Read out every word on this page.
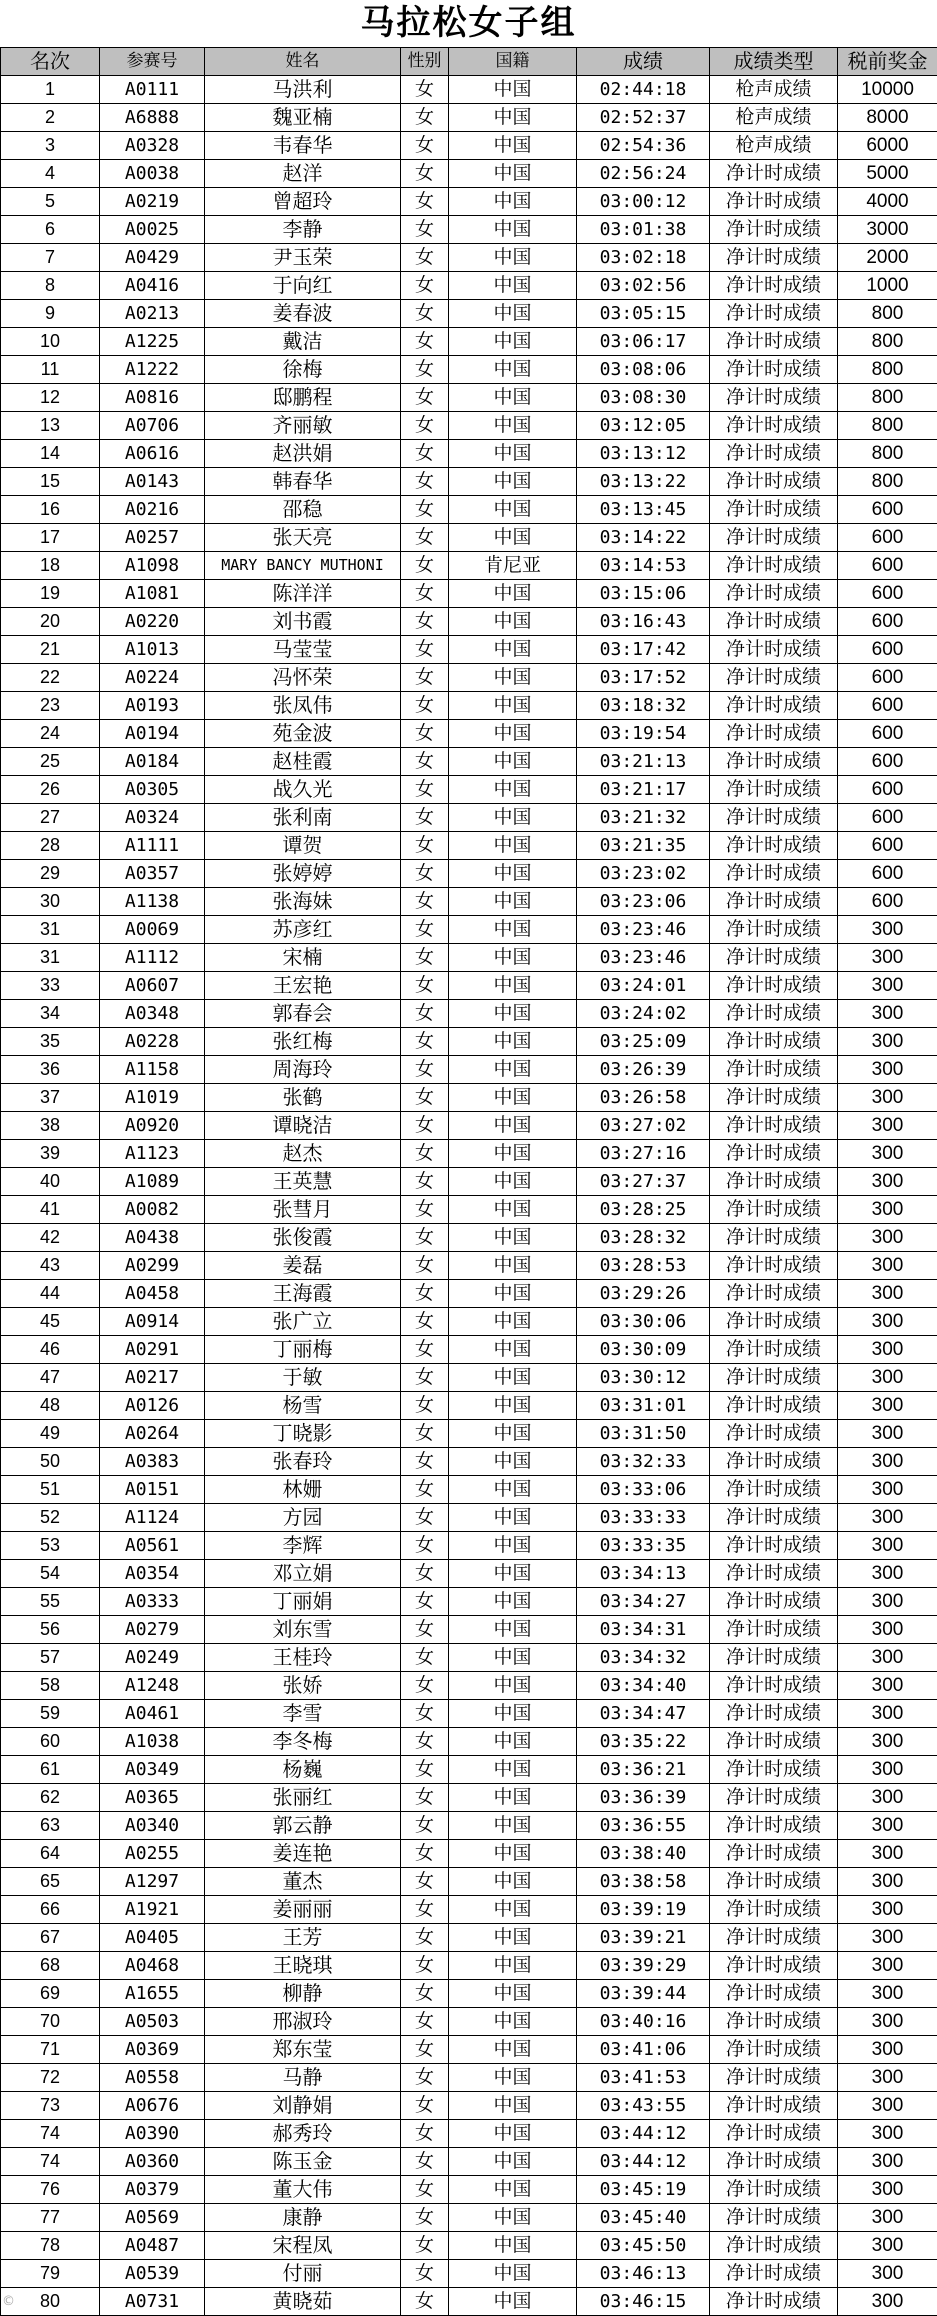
马拉松女子组
名次	参赛号	姓名	性别	国籍	成绩	成绩类型	税前奖金
1	A0111	马洪利	女	中国	02:44:18	枪声成绩	10000
2	A6888	魏亚楠	女	中国	02:52:37	枪声成绩	8000
3	A0328	韦春华	女	中国	02:54:36	枪声成绩	6000
4	A0038	赵洋	女	中国	02:56:24	净计时成绩	5000
5	A0219	曾超玲	女	中国	03:00:12	净计时成绩	4000
6	A0025	李静	女	中国	03:01:38	净计时成绩	3000
7	A0429	尹玉荣	女	中国	03:02:18	净计时成绩	2000
8	A0416	于向红	女	中国	03:02:56	净计时成绩	1000
9	A0213	姜春波	女	中国	03:05:15	净计时成绩	800
10	A1225	戴洁	女	中国	03:06:17	净计时成绩	800
11	A1222	徐梅	女	中国	03:08:06	净计时成绩	800
12	A0816	邸鹏程	女	中国	03:08:30	净计时成绩	800
13	A0706	齐丽敏	女	中国	03:12:05	净计时成绩	800
14	A0616	赵洪娟	女	中国	03:13:12	净计时成绩	800
15	A0143	韩春华	女	中国	03:13:22	净计时成绩	800
16	A0216	邵稳	女	中国	03:13:45	净计时成绩	600
17	A0257	张天亮	女	中国	03:14:22	净计时成绩	600
18	A1098	MARY BANCY MUTHONI	女	肯尼亚	03:14:53	净计时成绩	600
19	A1081	陈洋洋	女	中国	03:15:06	净计时成绩	600
20	A0220	刘书霞	女	中国	03:16:43	净计时成绩	600
21	A1013	马莹莹	女	中国	03:17:42	净计时成绩	600
22	A0224	冯怀荣	女	中国	03:17:52	净计时成绩	600
23	A0193	张凤伟	女	中国	03:18:32	净计时成绩	600
24	A0194	苑金波	女	中国	03:19:54	净计时成绩	600
25	A0184	赵桂霞	女	中国	03:21:13	净计时成绩	600
26	A0305	战久光	女	中国	03:21:17	净计时成绩	600
27	A0324	张利南	女	中国	03:21:32	净计时成绩	600
28	A1111	谭贺	女	中国	03:21:35	净计时成绩	600
29	A0357	张婷婷	女	中国	03:23:02	净计时成绩	600
30	A1138	张海妹	女	中国	03:23:06	净计时成绩	600
31	A0069	苏彦红	女	中国	03:23:46	净计时成绩	300
31	A1112	宋楠	女	中国	03:23:46	净计时成绩	300
33	A0607	王宏艳	女	中国	03:24:01	净计时成绩	300
34	A0348	郭春会	女	中国	03:24:02	净计时成绩	300
35	A0228	张红梅	女	中国	03:25:09	净计时成绩	300
36	A1158	周海玲	女	中国	03:26:39	净计时成绩	300
37	A1019	张鹤	女	中国	03:26:58	净计时成绩	300
38	A0920	谭晓洁	女	中国	03:27:02	净计时成绩	300
39	A1123	赵杰	女	中国	03:27:16	净计时成绩	300
40	A1089	王英慧	女	中国	03:27:37	净计时成绩	300
41	A0082	张彗月	女	中国	03:28:25	净计时成绩	300
42	A0438	张俊霞	女	中国	03:28:32	净计时成绩	300
43	A0299	姜磊	女	中国	03:28:53	净计时成绩	300
44	A0458	王海霞	女	中国	03:29:26	净计时成绩	300
45	A0914	张广立	女	中国	03:30:06	净计时成绩	300
46	A0291	丁丽梅	女	中国	03:30:09	净计时成绩	300
47	A0217	于敏	女	中国	03:30:12	净计时成绩	300
48	A0126	杨雪	女	中国	03:31:01	净计时成绩	300
49	A0264	丁晓影	女	中国	03:31:50	净计时成绩	300
50	A0383	张春玲	女	中国	03:32:33	净计时成绩	300
51	A0151	林姗	女	中国	03:33:06	净计时成绩	300
52	A1124	方园	女	中国	03:33:33	净计时成绩	300
53	A0561	李辉	女	中国	03:33:35	净计时成绩	300
54	A0354	邓立娟	女	中国	03:34:13	净计时成绩	300
55	A0333	丁丽娟	女	中国	03:34:27	净计时成绩	300
56	A0279	刘东雪	女	中国	03:34:31	净计时成绩	300
57	A0249	王桂玲	女	中国	03:34:32	净计时成绩	300
58	A1248	张娇	女	中国	03:34:40	净计时成绩	300
59	A0461	李雪	女	中国	03:34:47	净计时成绩	300
60	A1038	李冬梅	女	中国	03:35:22	净计时成绩	300
61	A0349	杨巍	女	中国	03:36:21	净计时成绩	300
62	A0365	张丽红	女	中国	03:36:39	净计时成绩	300
63	A0340	郭云静	女	中国	03:36:55	净计时成绩	300
64	A0255	姜连艳	女	中国	03:38:40	净计时成绩	300
65	A1297	董杰	女	中国	03:38:58	净计时成绩	300
66	A1921	姜丽丽	女	中国	03:39:19	净计时成绩	300
67	A0405	王芳	女	中国	03:39:21	净计时成绩	300
68	A0468	王晓琪	女	中国	03:39:29	净计时成绩	300
69	A1655	柳静	女	中国	03:39:44	净计时成绩	300
70	A0503	邢淑玲	女	中国	03:40:16	净计时成绩	300
71	A0369	郑东莹	女	中国	03:41:06	净计时成绩	300
72	A0558	马静	女	中国	03:41:53	净计时成绩	300
73	A0676	刘静娟	女	中国	03:43:55	净计时成绩	300
74	A0390	郝秀玲	女	中国	03:44:12	净计时成绩	300
74	A0360	陈玉金	女	中国	03:44:12	净计时成绩	300
76	A0379	董大伟	女	中国	03:45:19	净计时成绩	300
77	A0569	康静	女	中国	03:45:40	净计时成绩	300
78	A0487	宋程凤	女	中国	03:45:50	净计时成绩	300
79	A0539	付丽	女	中国	03:46:13	净计时成绩	300
80	A0731	黄晓茹	女	中国	03:46:15	净计时成绩	300
©
